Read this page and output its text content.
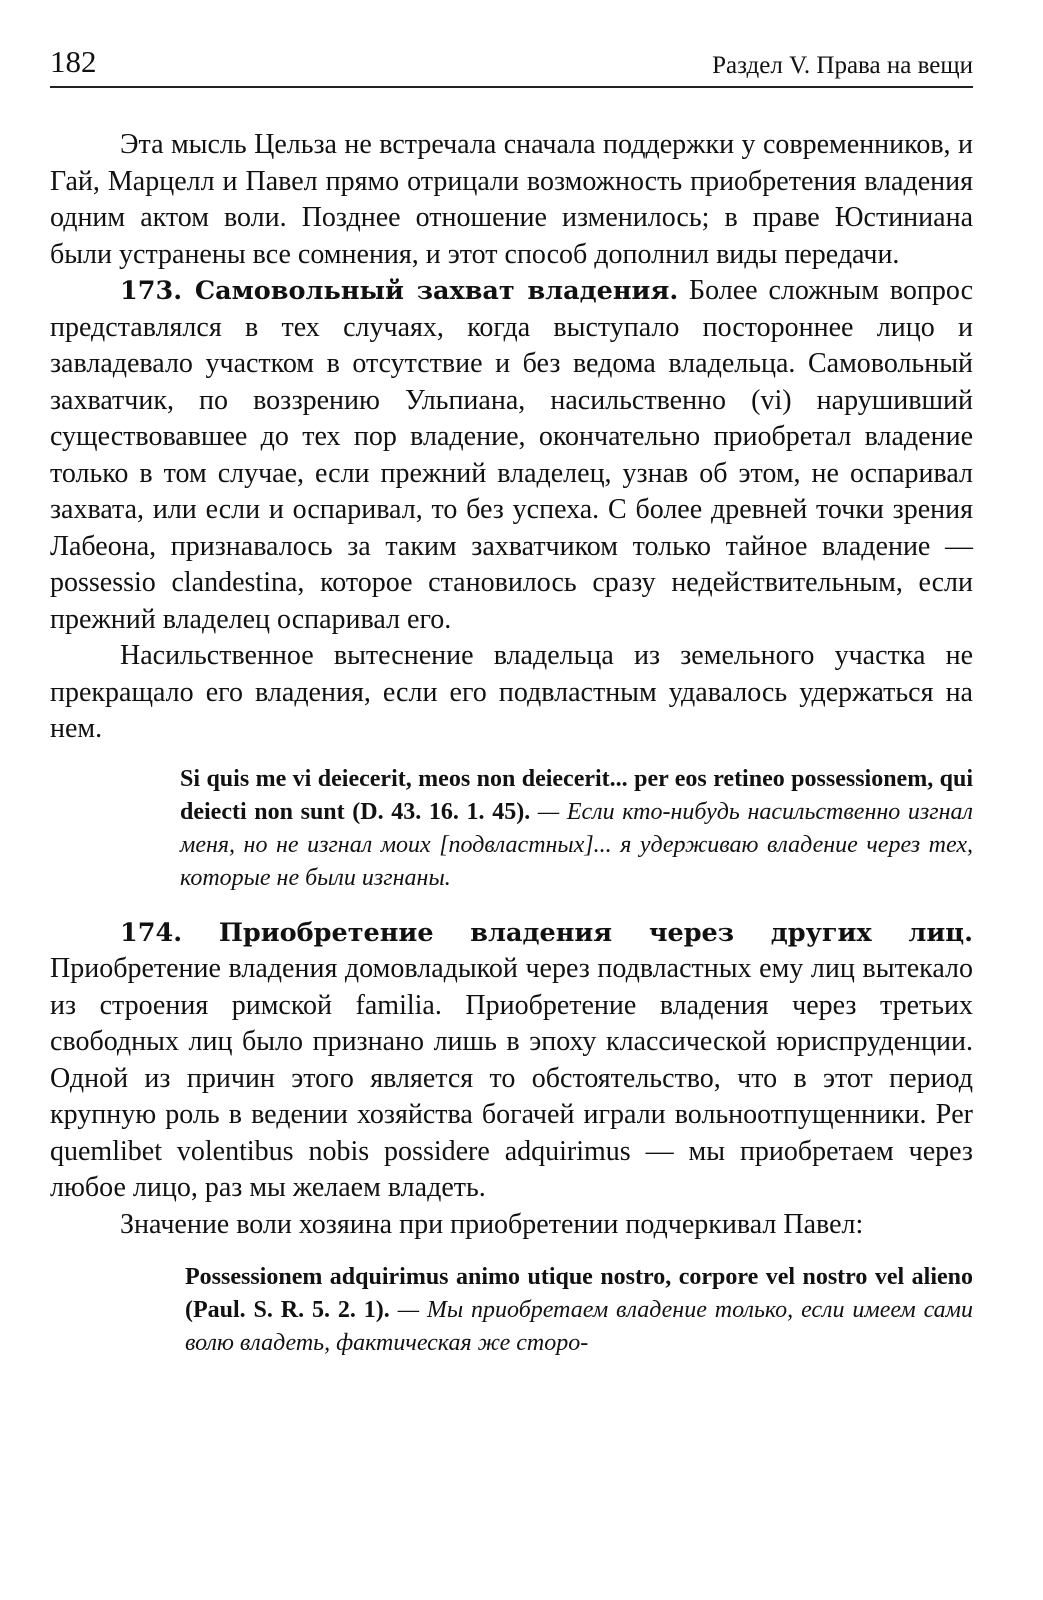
182	Раздел V. Права на вещи

Эта мысль Цельза не встречала сначала поддержки у современников, и Гай, Марцелл и Павел прямо отрицали возможность приобретения владения одним актом воли. Позднее отношение изменилось; в праве Юстиниана были устранены все сомнения, и этот способ дополнил виды передачи.

173. Самовольный захват владения. Более сложным вопрос представлялся в тех случаях, когда выступало постороннее лицо и завладевало участком в отсутствие и без ведома владельца. Самовольный захватчик, по воззрению Ульпиана, насильственно (vi) нарушивший существовавшее до тех пор владение, окончательно приобретал владение только в том случае, если прежний владелец, узнав об этом, не оспаривал захвата, или если и оспаривал, то без успеха. С более древней точки зрения Лабеона, признавалось за таким захватчиком только тайное владение — possessio clandestina, которое становилось сразу недействительным, если прежний владелец оспаривал его.

Насильственное вытеснение владельца из земельного участка не прекращало его владения, если его подвластным удавалось удержаться на нем.

Si quis me vi deiecerit, meos non deiecerit... per eos retineo possessionem, qui deiecti non sunt (D. 43. 16. 1. 45). — Если кто-нибудь насильственно изгнал меня, но не изгнал моих [подвластных]... я удерживаю владение через тех, которые не были изгнаны.

174. Приобретение владения через других лиц. Приобретение владения домовладыкой через подвластных ему лиц вытекало из строения римской familia. Приобретение владения через третьих свободных лиц было признано лишь в эпоху классической юриспруденции. Одной из причин этого является то обстоятельство, что в этот период крупную роль в ведении хозяйства богачей играли вольноотпущенники. Per quemlibet volentibus nobis possidere adquirimus — мы приобретаем через любое лицо, раз мы желаем владеть.

Значение воли хозяина при приобретении подчеркивал Павел:

Possessionem adquirimus animo utique nostro, corpore vel nostro vel alieno (Paul. S. R. 5. 2. 1). — Мы приобретаем владение только, если имеем сами волю владеть, фактическая же сторо-
